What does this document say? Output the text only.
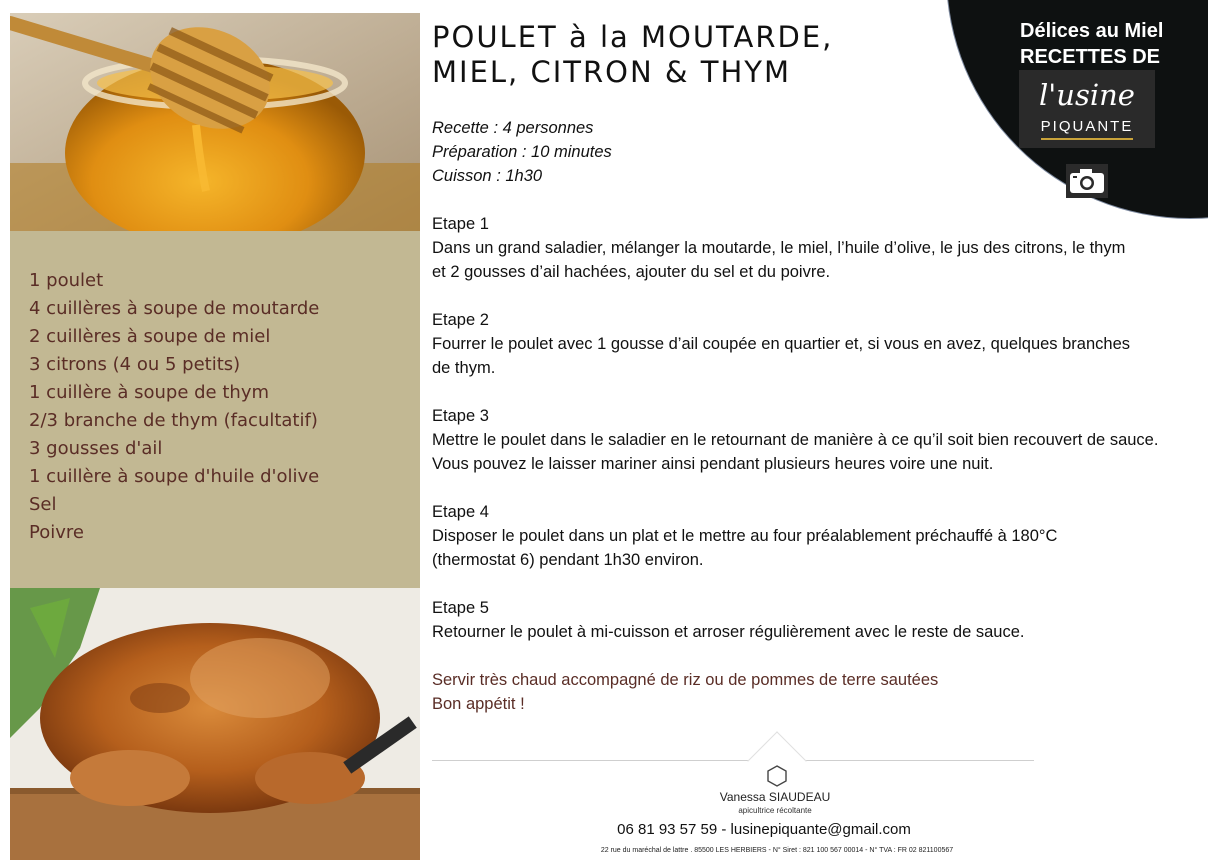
1 poulet
4 cuillères à soupe de moutarde
2 cuillères à soupe de miel
3 citrons (4 ou 5 petits)
1 cuillère à soupe de thym
2/3 branche de thym (facultatif)
3 gousses d'ail
1 cuillère à soupe d'huile d'olive
Sel
Poivre
POULET à la MOUTARDE,
MIEL, CITRON & THYM
Recette : 4 personnes
Préparation : 10 minutes
Cuisson : 1h30
Etape 1
Dans un grand saladier, mélanger la moutarde, le miel, l’huile d’olive, le jus des citrons, le thym et 2 gousses d’ail hachées, ajouter du sel et du poivre.
Etape 2
Fourrer le poulet avec 1 gousse d’ail coupée en quartier et, si vous en avez, quelques branches de thym.
Etape 3
Mettre le poulet dans le saladier en le retournant de manière à ce qu’il soit bien recouvert de sauce. Vous pouvez le laisser mariner ainsi pendant plusieurs heures voire une nuit.
Etape 4
Disposer le poulet dans un plat et le mettre au four préalablement préchauffé à 180°C (thermostat 6) pendant 1h30 environ.
Etape 5
Retourner le poulet à mi-cuisson et arroser régulièrement avec le reste de sauce.
Servir très chaud accompagné de riz ou de pommes de terre sautées
Bon appétit !
Délices au Miel
RECETTES DE
l'usine
PIQUANTE
Vanessa SIAUDEAU
apicultrice récoltante
06 81 93 57 59 - lusinepiquante@gmail.com
22 rue du maréchal de lattre . 85500 LES HERBIERS - N° Siret : 821 100 567 00014 - N° TVA : FR 02 821100567
